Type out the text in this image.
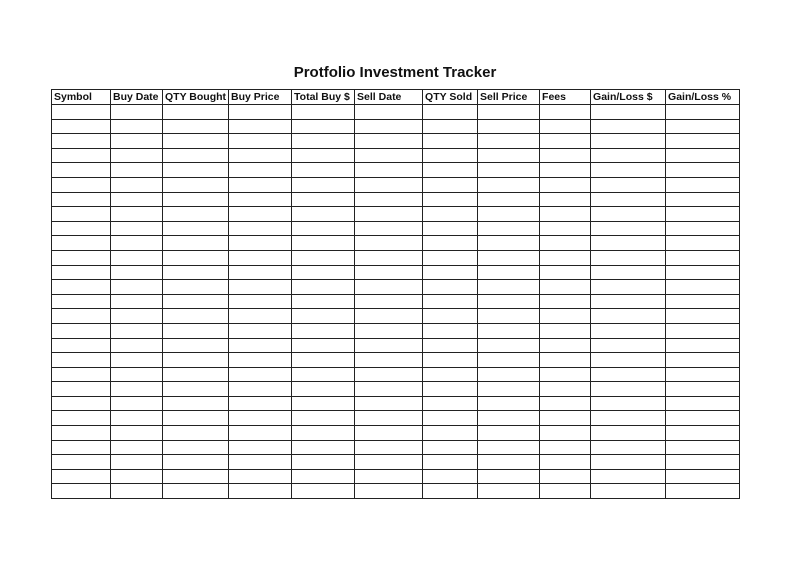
Protfolio Investment Tracker
Symbol	Buy Date	QTY Bought	Buy Price	Total Buy $	Sell Date	QTY Sold	Sell Price	Fees	Gain/Loss $	Gain/Loss %
